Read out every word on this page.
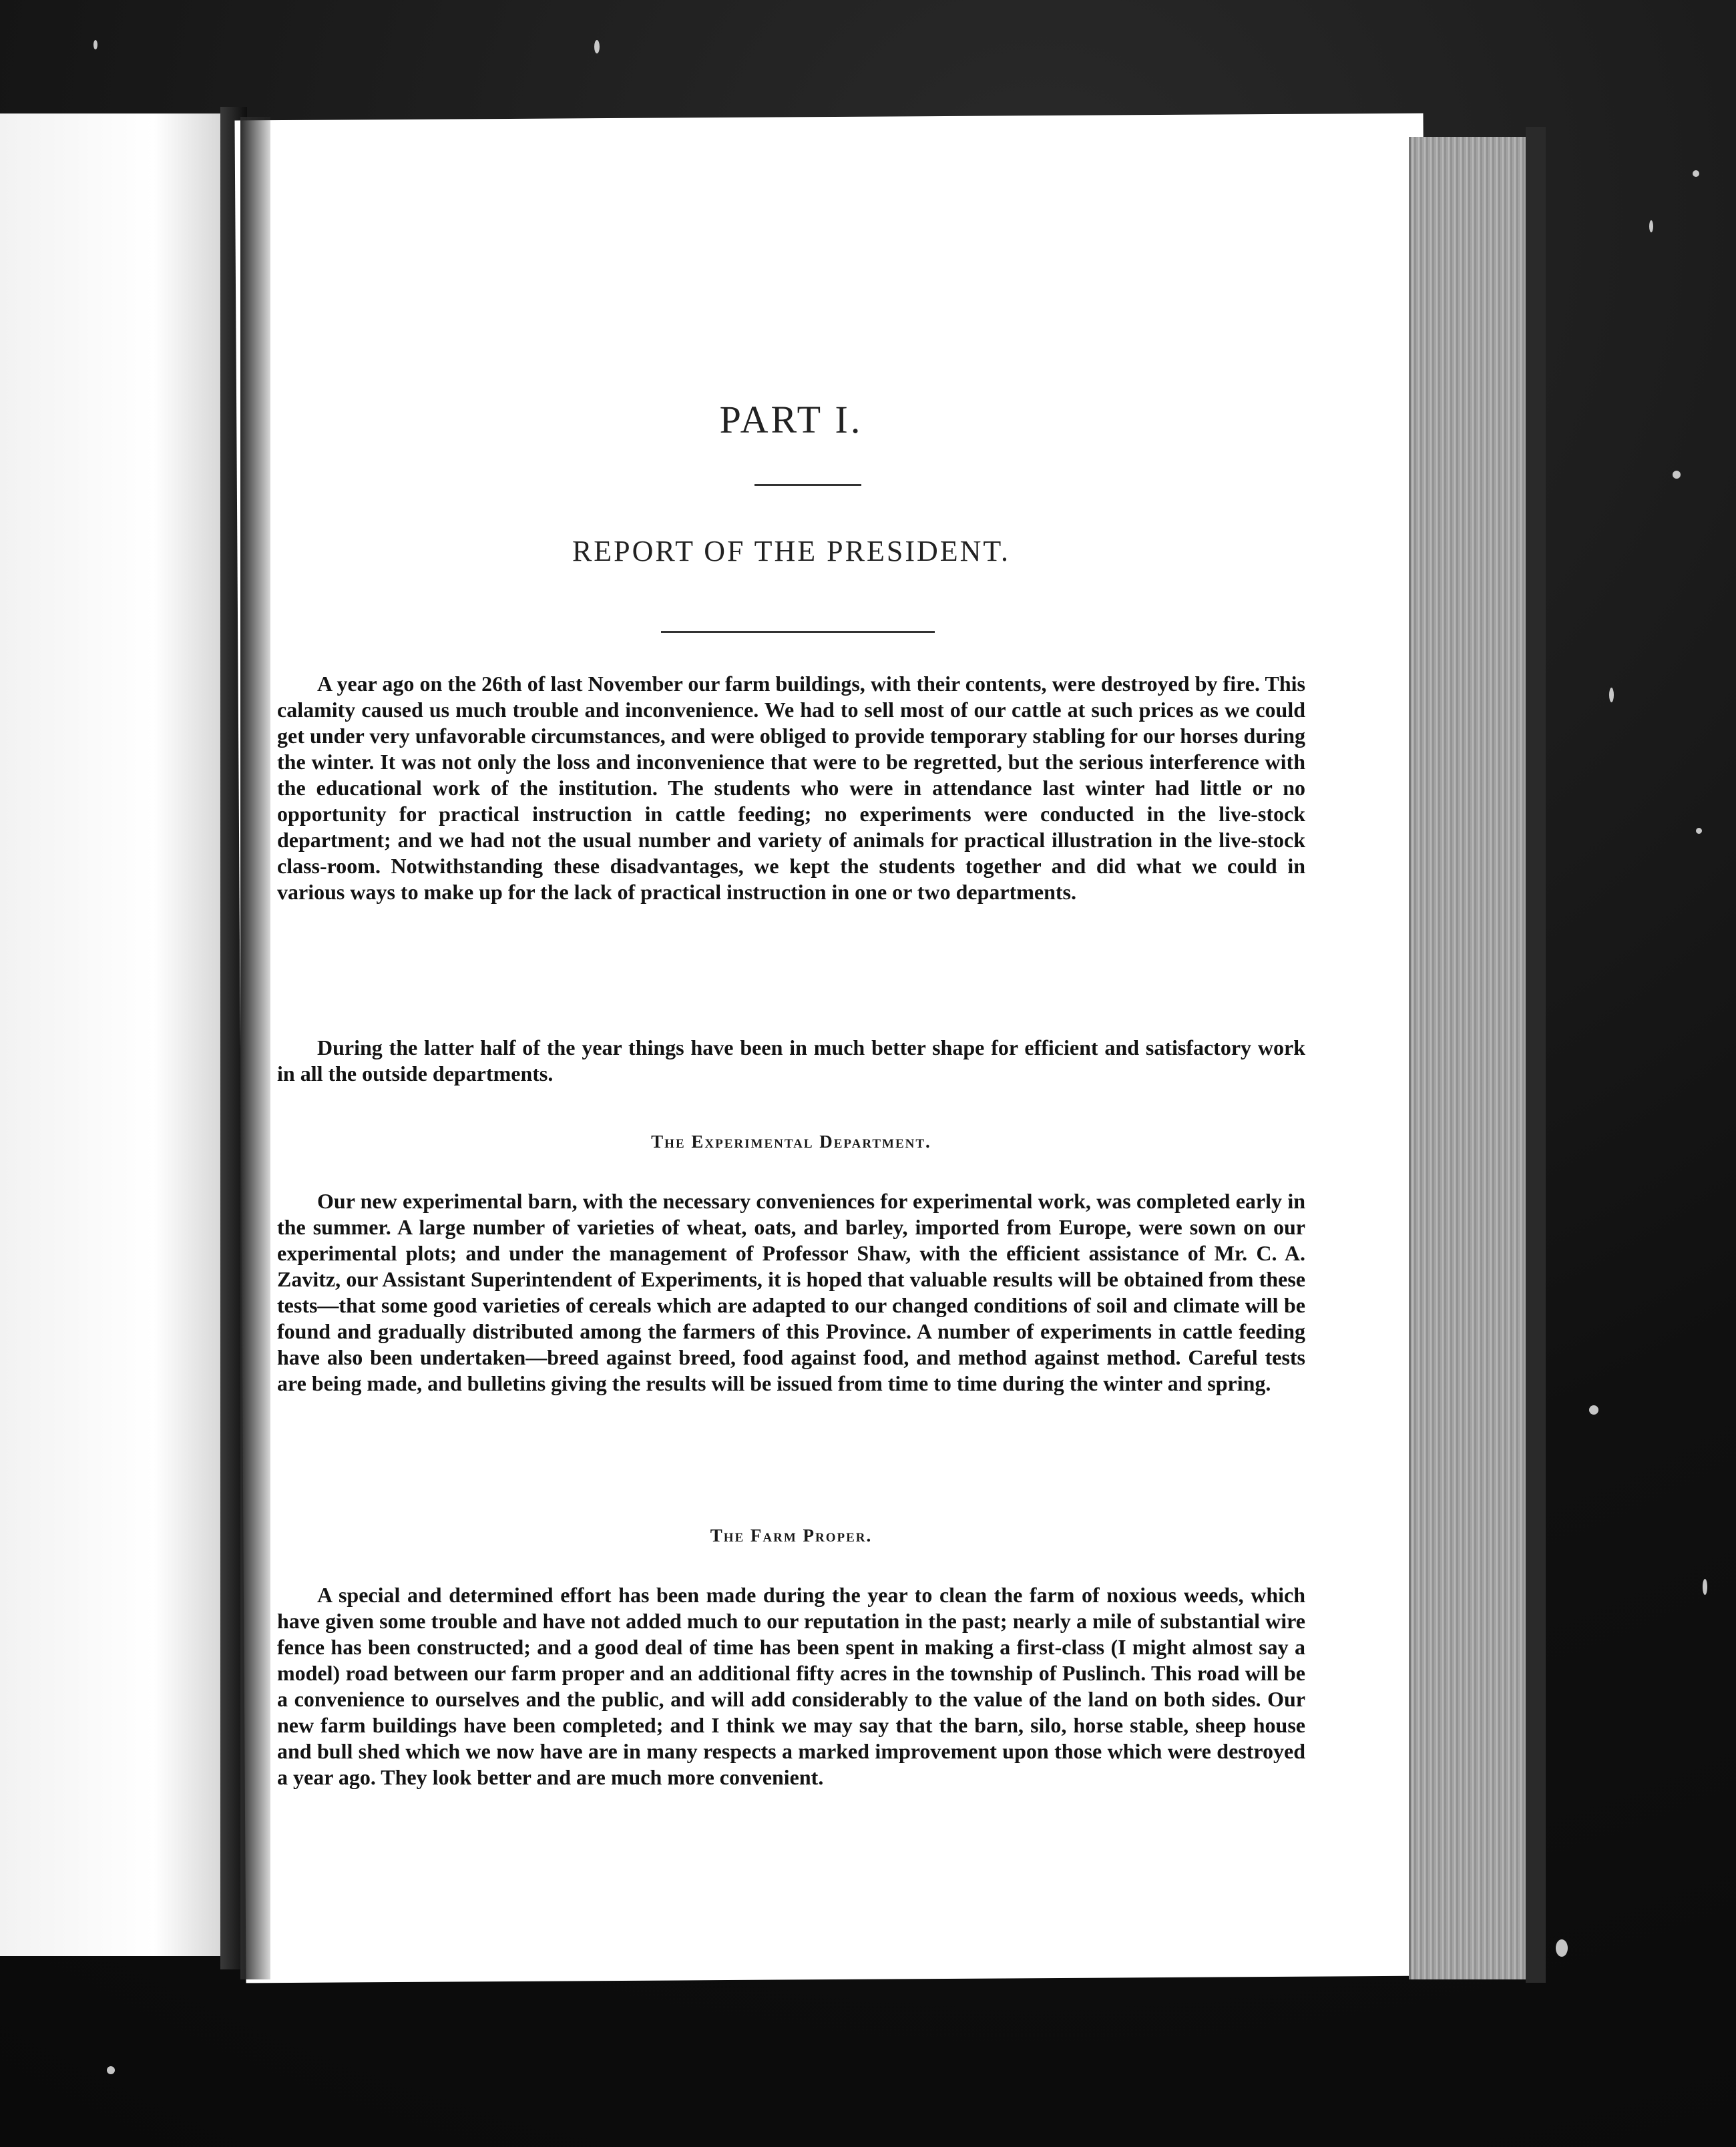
PART I.
REPORT OF THE PRESIDENT.

A year ago on the 26th of last November our farm buildings, with their contents, were destroyed by fire. This calamity caused us much trouble and inconvenience. We had to sell most of our cattle at such prices as we could get under very unfavorable circumstances, and were obliged to provide temporary stabling for our horses during the winter. It was not only the loss and inconvenience that were to be regretted, but the serious interference with the educational work of the institution. The students who were in attendance last winter had little or no opportunity for practical instruction in cattle feeding; no experiments were conducted in the live-stock department; and we had not the usual number and variety of animals for practical illustration in the live-stock class-room. Notwithstanding these disadvantages, we kept the students together and did what we could in various ways to make up for the lack of practical instruction in one or two departments.

During the latter half of the year things have been in much better shape for efficient and satisfactory work in all the outside departments.

The Experimental Department.

Our new experimental barn, with the necessary conveniences for experimental work, was completed early in the summer. A large number of varieties of wheat, oats, and barley, imported from Europe, were sown on our experimental plots; and under the management of Professor Shaw, with the efficient assistance of Mr. C. A. Zavitz, our Assistant Superintendent of Experiments, it is hoped that valuable results will be obtained from these tests—that some good varieties of cereals which are adapted to our changed conditions of soil and climate will be found and gradually distributed among the farmers of this Province. A number of experiments in cattle feeding have also been undertaken—breed against breed, food against food, and method against method. Careful tests are being made, and bulletins giving the results will be issued from time to time during the winter and spring.

The Farm Proper.

A special and determined effort has been made during the year to clean the farm of noxious weeds, which have given some trouble and have not added much to our reputation in the past; nearly a mile of substantial wire fence has been constructed; and a good deal of time has been spent in making a first-class (I might almost say a model) road between our farm proper and an additional fifty acres in the township of Puslinch. This road will be a convenience to ourselves and the public, and will add considerably to the value of the land on both sides. Our new farm buildings have been completed; and I think we may say that the barn, silo, horse stable, sheep house and bull shed which we now have are in many respects a marked improvement upon those which were destroyed a year ago. They look better and are much more convenient.
